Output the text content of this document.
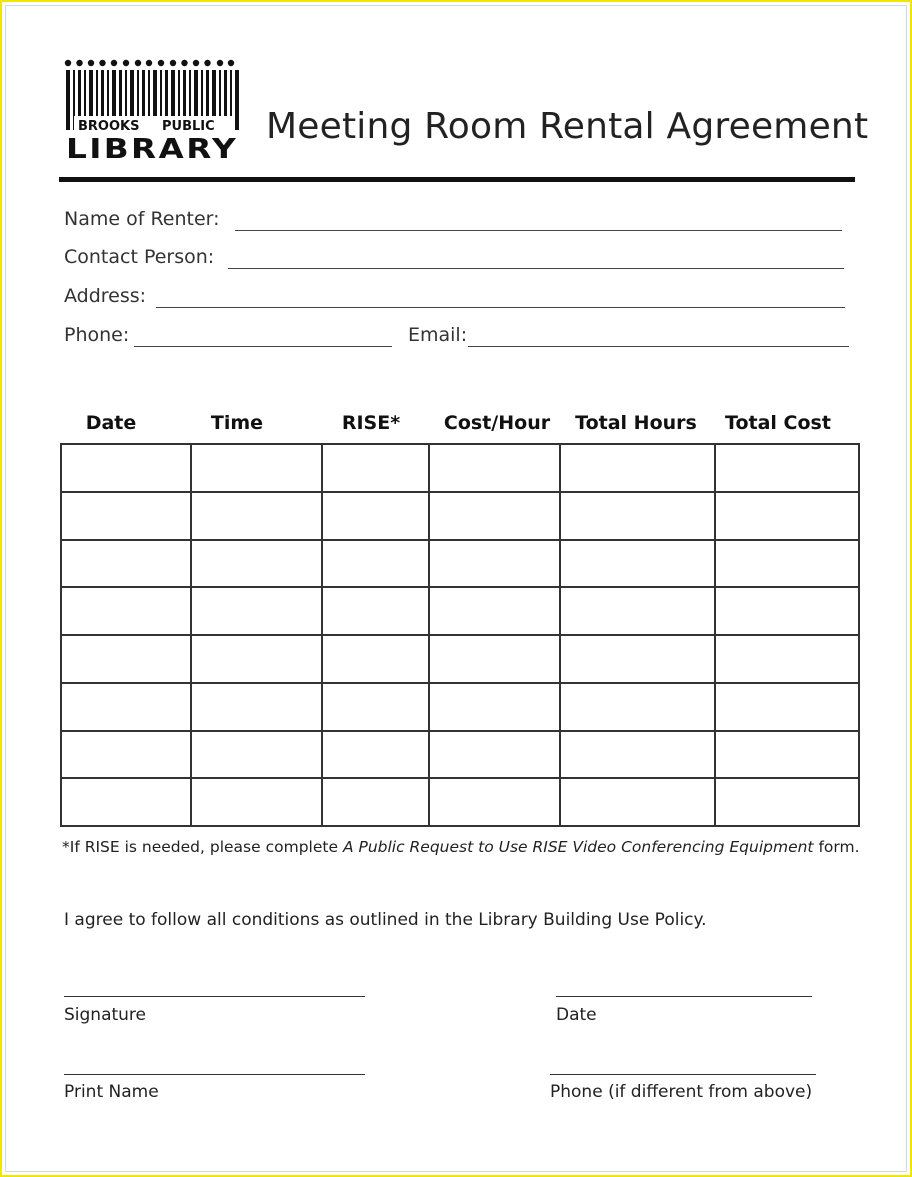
BROOKS PUBLIC
LIBRARY
Meeting Room Rental Agreement
Name of Renter:
Contact Person:
Address:
Phone:	Email:
Date	Time	RISE*	Cost/Hour	Total Hours	Total Cost

*If RISE is needed, please complete A Public Request to Use RISE Video Conferencing Equipment form.
I agree to follow all conditions as outlined in the Library Building Use Policy.
Signature	Date
Print Name	Phone (if different from above)
